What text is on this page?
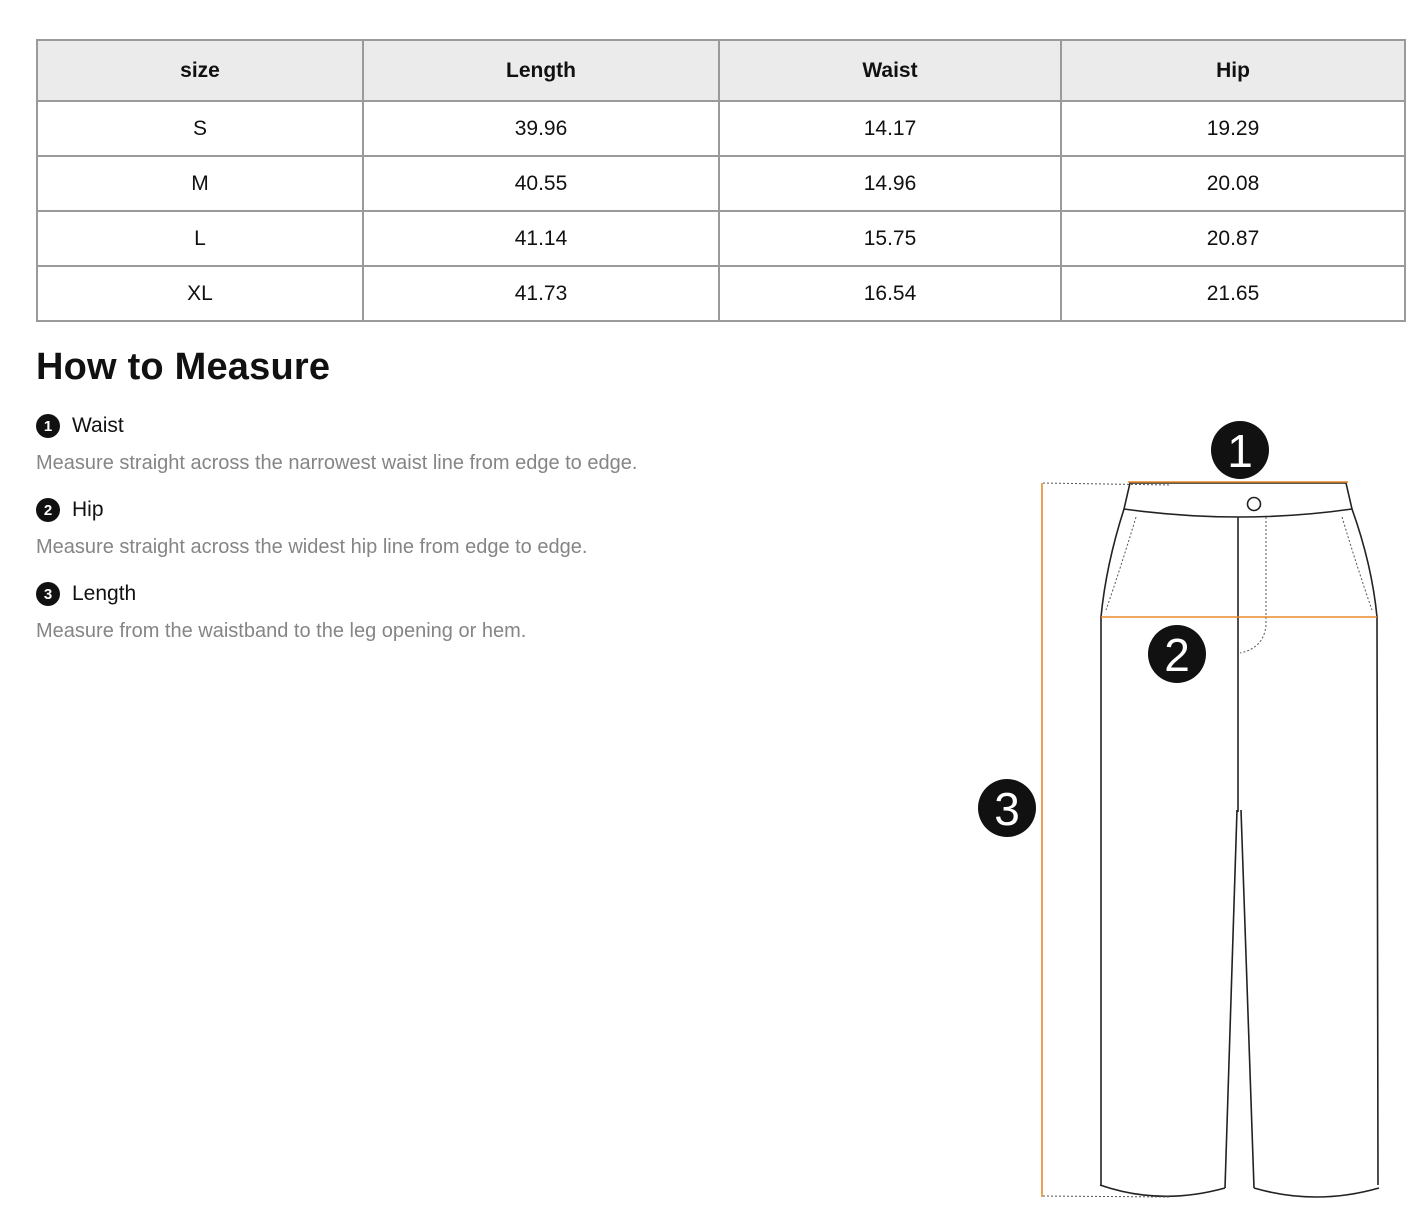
size	Length	Waist	Hip
S	39.96	14.17	19.29
M	40.55	14.96	20.08
L	41.14	15.75	20.87
XL	41.73	16.54	21.65
How to Measure
1 Waist
Measure straight across the narrowest waist line from edge to edge.
2 Hip
Measure straight across the widest hip line from edge to edge.
3 Length
Measure from the waistband to the leg opening or hem.
1
2
3
